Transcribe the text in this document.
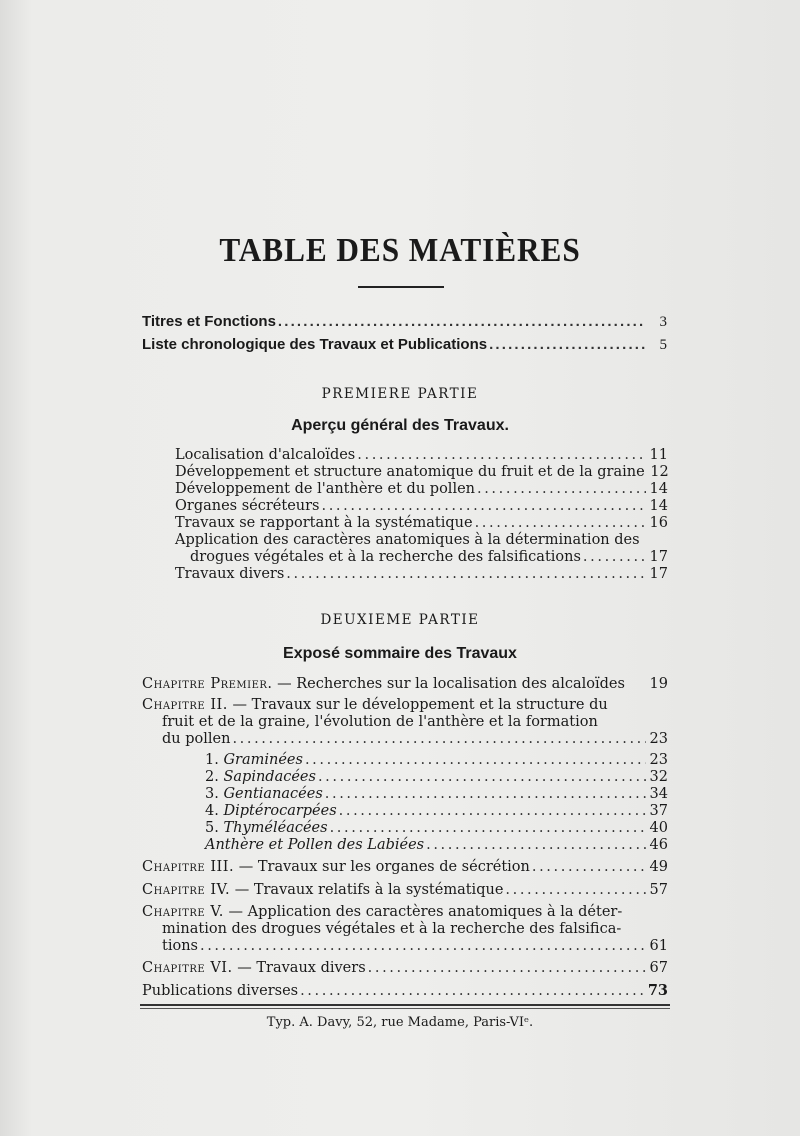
TABLE DES MATIÈRES
Titres et Fonctions . . .	3
Liste chronologique des Travaux et Publications . . .	5
PREMIERE PARTIE
Aperçu général des Travaux.
Localisation d'alcaloïdes . . .	11
Développement et structure anatomique du fruit et de la graine 12
Développement de l'anthère et du pollen . . .	14
Organes sécréteurs . . .	14
Travaux se rapportant à la systématique . . .	16
Application des caractères anatomiques à la détermination des
drogues végétales et à la recherche des falsifications . . .	17
Travaux divers . . .	17
DEUXIEME PARTIE
Exposé sommaire des Travaux
Chapitre Premier. — Recherches sur la localisation des alcaloïdes 19
Chapitre II. — Travaux sur le développement et la structure du
fruit et de la graine, l'évolution de l'anthère et la formation
du pollen . . .	23
1. Graminées . . .	23
2. Sapindacées . . .	32
3. Gentianacées . . .	34
4. Diptérocarpées . . .	37
5. Thyméléacées . . .	40
Anthère et Pollen des Labiées . . .	46
Chapitre III. — Travaux sur les organes de sécrétion . . .	49
Chapitre IV. — Travaux relatifs à la systématique . . .	57
Chapitre V. — Application des caractères anatomiques à la déter-
mination des drogues végétales et à la recherche des falsifica-
tions . . .	61
Chapitre VI. — Travaux divers . . .	67
Publications diverses . . .	73
Typ. A. Davy, 52, rue Madame, Paris-VIᵉ.
